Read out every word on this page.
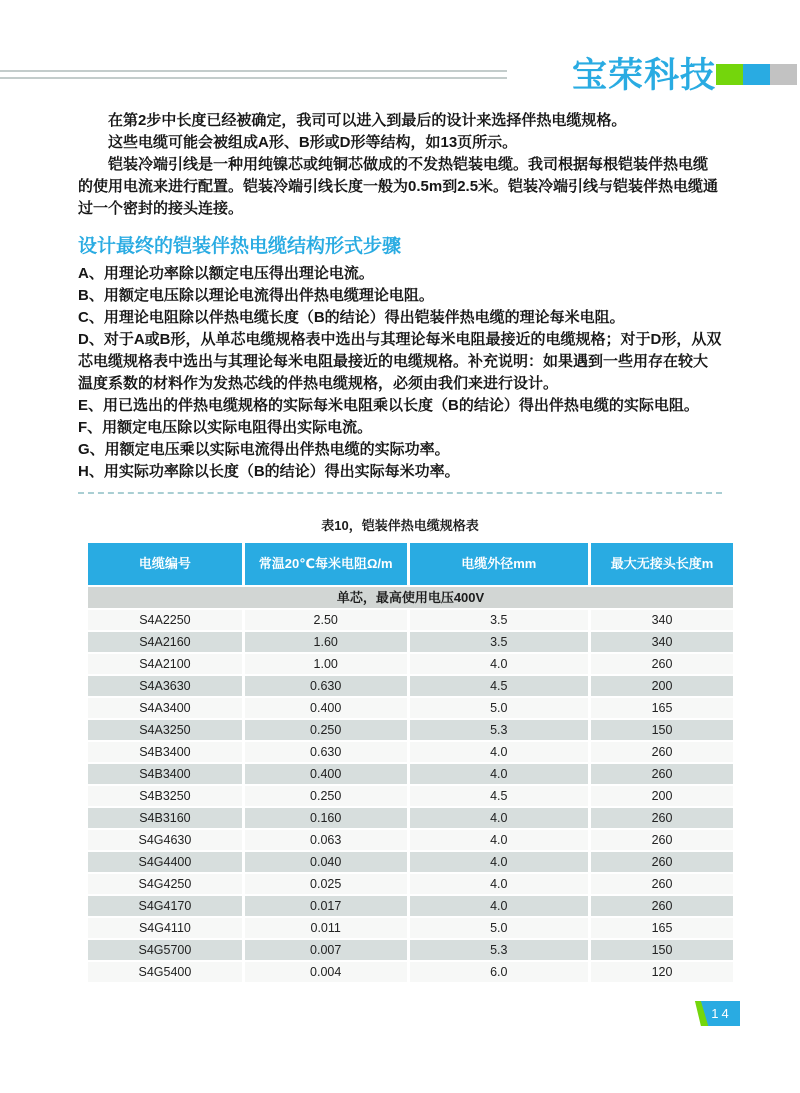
宝荣科技

在第2步中长度已经被确定，我司可以进入到最后的设计来选择伴热电缆规格。

这些电缆可能会被组成A形、B形或D形等结构，如13页所示。

铠装冷端引线是一种用纯镍芯或纯铜芯做成的不发热铠装电缆。我司根据每根铠装伴热电缆的使用电流来进行配置。铠装冷端引线长度一般为0.5m到2.5米。铠装冷端引线与铠装伴热电缆通过一个密封的接头连接。

设计最终的铠装伴热电缆结构形式步骤

A、用理论功率除以额定电压得出理论电流。

B、用额定电压除以理论电流得出伴热电缆理论电阻。

C、用理论电阻除以伴热电缆长度（B的结论）得出铠装伴热电缆的理论每米电阻。

D、对于A或B形，从单芯电缆规格表中选出与其理论每米电阻最接近的电缆规格；对于D形，从双芯电缆规格表中选出与其理论每米电阻最接近的电缆规格。补充说明：如果遇到一些用存在较大温度系数的材料作为发热芯线的伴热电缆规格，必须由我们来进行设计。

E、用已选出的伴热电缆规格的实际每米电阻乘以长度（B的结论）得出伴热电缆的实际电阻。

F、用额定电压除以实际电阻得出实际电流。

G、用额定电压乘以实际电流得出伴热电缆的实际功率。

H、用实际功率除以长度（B的结论）得出实际每米功率。

表10，铠装伴热电缆规格表
电缆编号	常温20℃每米电阻Ω/m	电缆外径mm	最大无接头长度m
单芯，最高使用电压400V
S4A2250	2.50	3.5	340
S4A2160	1.60	3.5	340
S4A2100	1.00	4.0	260
S4A3630	0.630	4.5	200
S4A3400	0.400	5.0	165
S4A3250	0.250	5.3	150
S4B3400	0.630	4.0	260
S4B3400	0.400	4.0	260
S4B3250	0.250	4.5	200
S4B3160	0.160	4.0	260
S4G4630	0.063	4.0	260
S4G4400	0.040	4.0	260
S4G4250	0.025	4.0	260
S4G4170	0.017	4.0	260
S4G4110	0.011	5.0	165
S4G5700	0.007	5.3	150
S4G5400	0.004	6.0	120
14
